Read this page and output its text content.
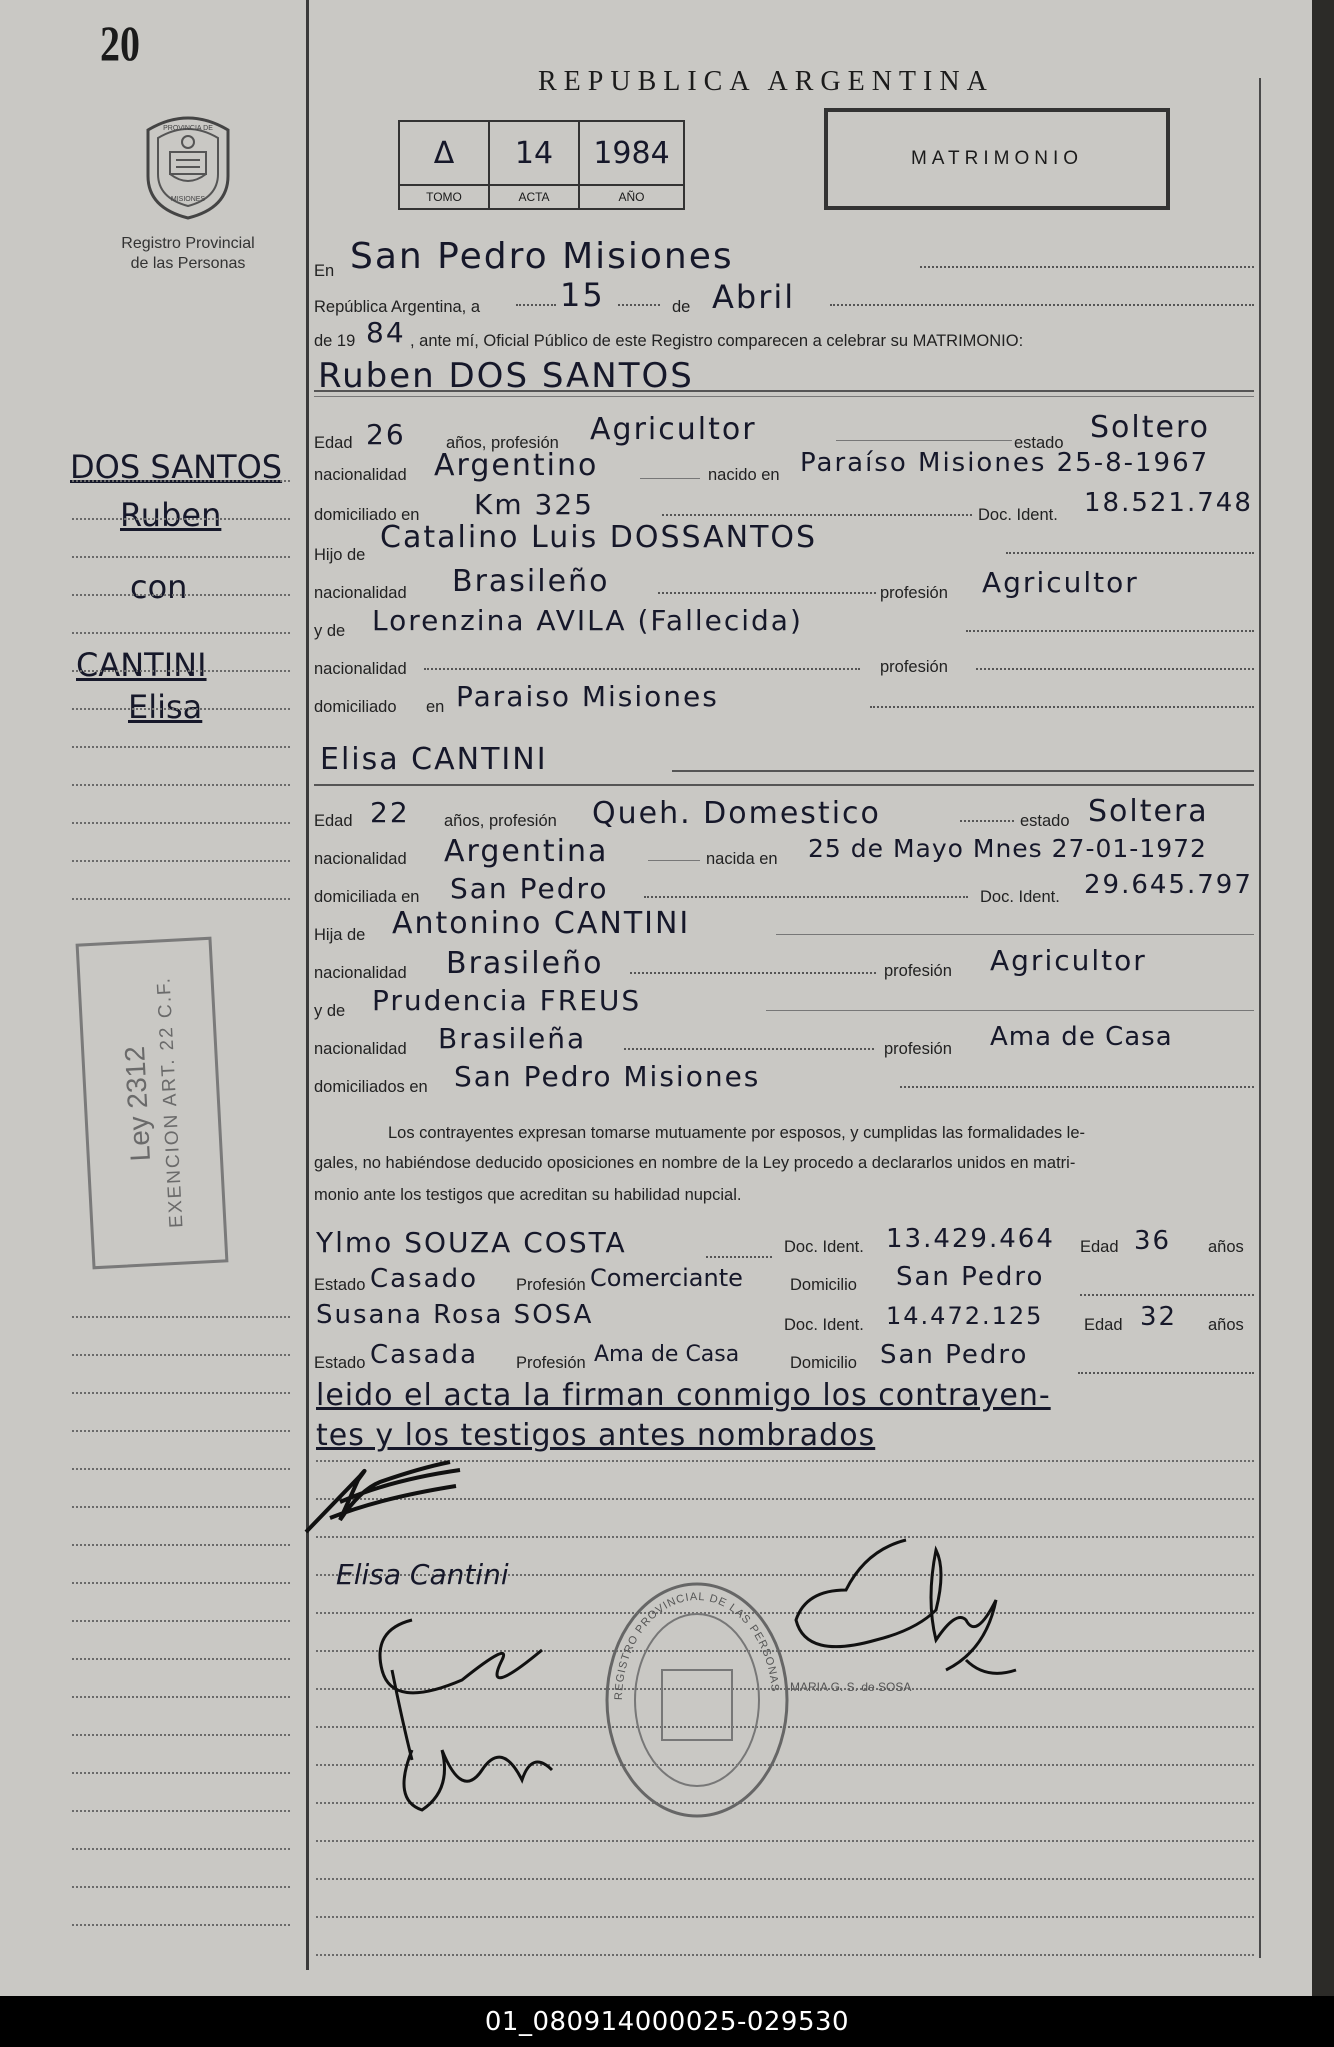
20
PROVINCIA DE
MISIONES
Registro Provincial
de las Personas
REPUBLICA ARGENTINA
Δ 14 1984
TOMO	ACTA	AÑO
MATRIMONIO
DOS SANTOS
Ruben
con
CANTINI
Elisa
Ley 2312
EXENCION ART. 22 C.F.
En San Pedro Misiones
República Argentina, a 15	de Abril
de 19 84 , ante mí, Oficial Público de este Registro comparecen a celebrar su MATRIMONIO:
Ruben DOS SANTOS
Edad 26 años, profesión Agricultor	estado Soltero
nacionalidad Argentino	nacido en Paraíso Misiones 25-8-1967
domiciliado en Km 325	Doc. Ident. 18.521.748
Hijo de Catalino Luis DOSSANTOS
nacionalidad Brasileño	profesión Agricultor
y de Lorenzina AVILA (Fallecida)
nacionalidad	profesión
domiciliado en Paraiso Misiones
Elisa CANTINI
Edad 22 años, profesión Queh. Domestico	estado Soltera
nacionalidad Argentina	nacida en 25 de Mayo Mnes 27-01-1972
domiciliada en San Pedro	Doc. Ident. 29.645.797
Hija de Antonino CANTINI
nacionalidad Brasileño	profesión Agricultor
y de Prudencia FREUS
nacionalidad Brasileña	profesión Ama de Casa
domiciliados en San Pedro Misiones
Los contrayentes expresan tomarse mutuamente por esposos, y cumplidas las formalidades le-
gales, no habiéndose deducido oposiciones en nombre de la Ley procedo a declararlos unidos en matri-
monio ante los testigos que acreditan su habilidad nupcial.
Ylmo SOUZA COSTA	Doc. Ident. 13.429.464 Edad 36 años
Estado Casado Profesión Comerciante	Domicilio San Pedro
Susana Rosa SOSA	Doc. Ident. 14.472.125 Edad 32 años
Estado Casada Profesión Ama de Casa	Domicilio San Pedro
leido el acta la firman conmigo los contrayen-
tes y los testigos antes nombrados
Elisa Cantini
REGISTRO PROVINCIAL DE LAS PERSONAS MARIA G. S. de SOSA
01_080914000025-029530
